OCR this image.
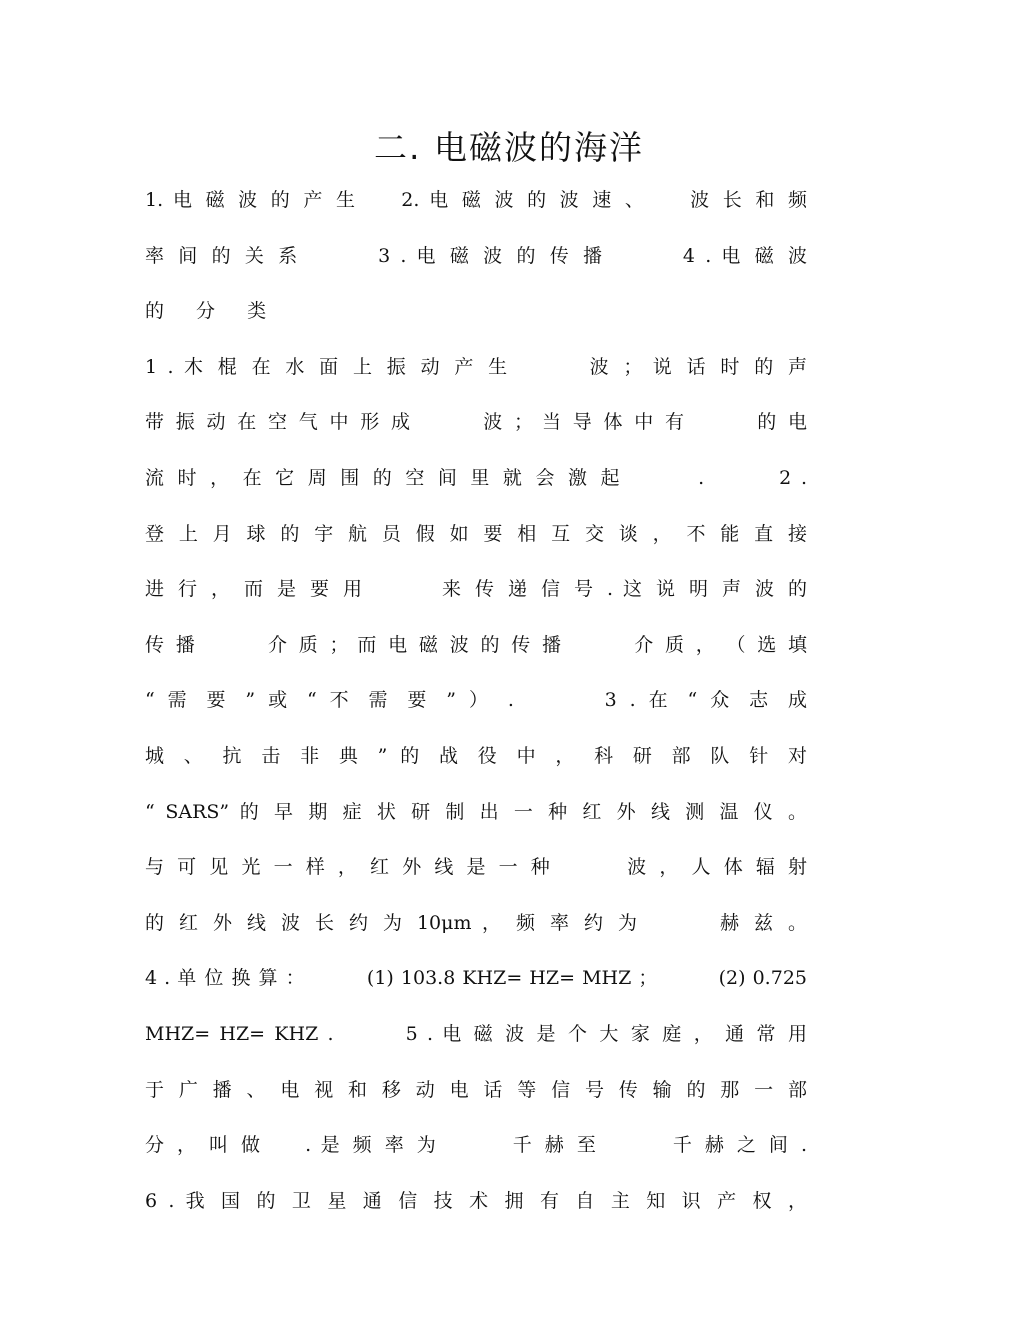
二. 电磁波的海洋
1. 电 磁 波 的 产 生 　 2. 电 磁 波 的 波 速 、 　 波 长 和 频
率 间 的 关 系 　 　 3 . 电 磁 波 的 传 播 　 　 4 . 电 磁 波
的 分 类
1 . 木 棍 在 水 面 上 振 动 产 生 　 　 波 ； 说 话 时 的 声
带 振 动 在 空 气 中 形 成 　 　 波 ； 当 导 体 中 有 　 　 的 电
流 时 ， 在 它 周 围 的 空 间 里 就 会 激 起 　 　 . 　 　 2 .
登 上 月 球 的 宇 航 员 假 如 要 相 互 交 谈 ， 不 能 直 接
进 行 ， 而 是 要 用 　 　 来 传 递 信 号 . 这 说 明 声 波 的
传 播 　 　 介 质 ； 而 电 磁 波 的 传 播 　 　 介 质 ， （ 选 填
“ 需 要 ” 或 “ 不 需 要 ” ） . 　 　 3 . 在 “ 众 志 成
城 、 抗 击 非 典 ” 的 战 役 中 ， 科 研 部 队 针 对 　 　 　
“ SARS” 的 早 期 症 状 研 制 出 一 种 红 外 线 测 温 仪 。
与 可 见 光 一 样 ， 红 外 线 是 一 种 　 　 波 ， 人 体 辐 射
的 红 外 线 波 长 约 为 10μm ， 频 率 约 为 　 　 赫 兹 。
4 . 单 位 换 算 ： 　 　 (1) 103.8 KHZ= HZ= MHZ ； 　 　 (2) 0.725
MHZ= HZ= KHZ . 　 　 5 . 电 磁 波 是 个 大 家 庭 ， 通 常 用
于 广 播 、 电 视 和 移 动 电 话 等 信 号 传 输 的 那 一 部
分 ， 叫 做 　 . 是 频 率 为 　 　 千 赫 至 　 　 千 赫 之 间 .
6 . 我 国 的 卫 星 通 信 技 术 拥 有 自 主 知 识 产 权 ，
